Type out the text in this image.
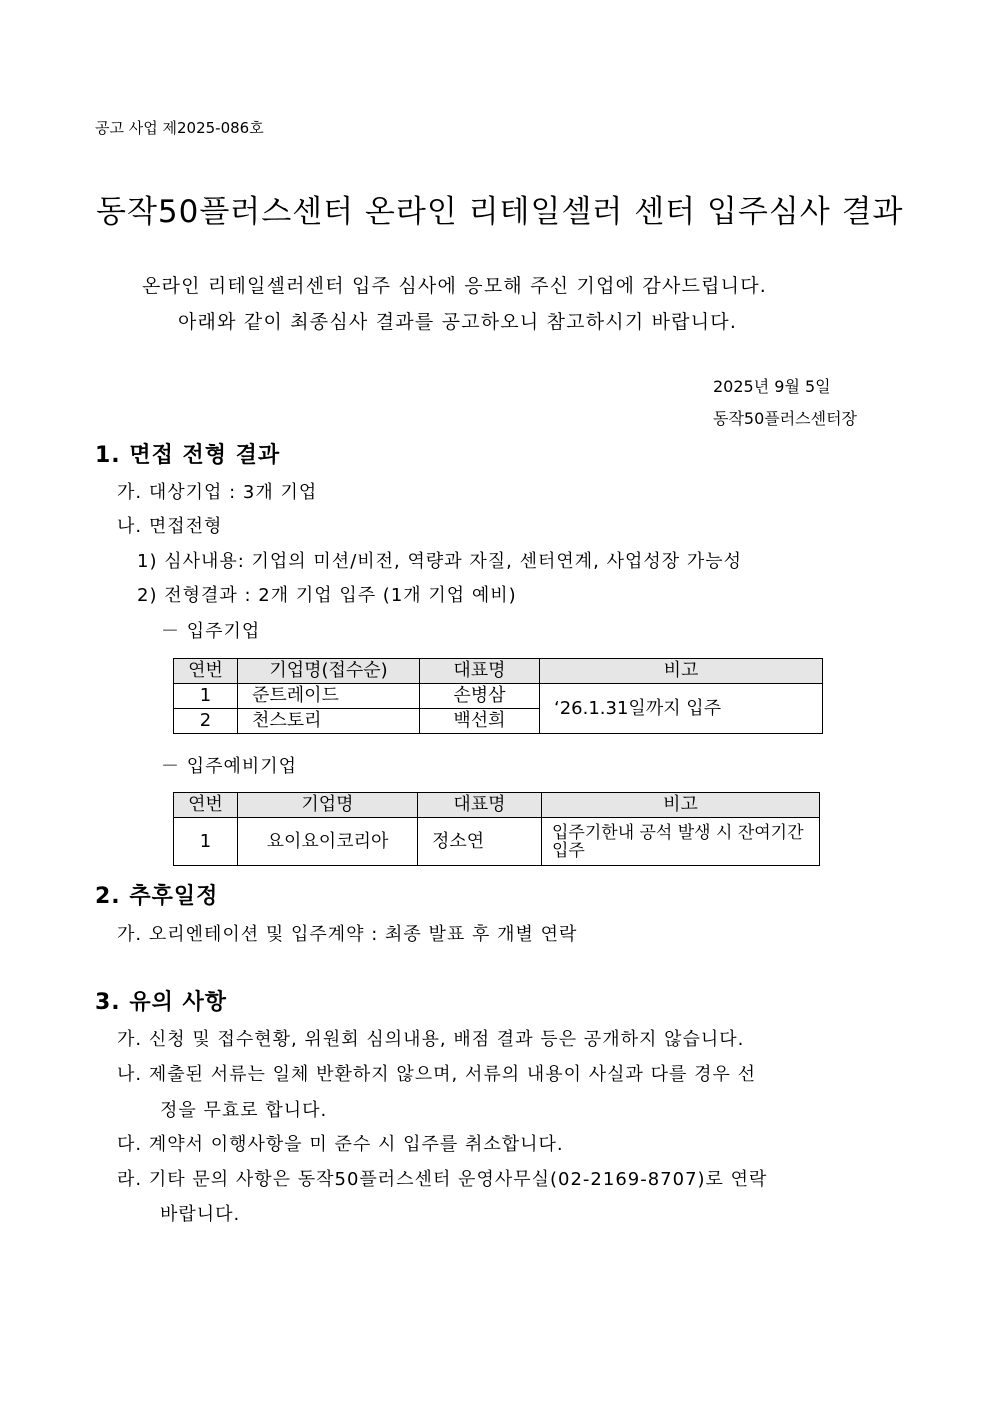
공고 사업 제2025-086호
동작50플러스센터 온라인 리테일셀러 센터 입주심사 결과
온라인 리테일셀러센터 입주 심사에 응모해 주신 기업에 감사드립니다.
아래와 같이 최종심사 결과를 공고하오니 참고하시기 바랍니다.
2025년 9월 5일
동작50플러스센터장
1. 면접 전형 결과
가. 대상기업 : 3개 기업
나. 면접전형
1) 심사내용: 기업의 미션/비전, 역량과 자질, 센터연계, 사업성장 가능성
2) 전형결과 : 2개 기업 입주 (1개 기업 예비)
－ 입주기업
연번	기업명(접수순)	대표명	비고
1	준트레이드	손병삼	‘26.1.31일까지 입주
2	천스토리	백선희	
－ 입주예비기업
연번	기업명	대표명	비고
1	요이요이코리아	정소연	입주기한내 공석 발생 시 잔여기간 입주
2. 추후일정
가. 오리엔테이션 및 입주계약 : 최종 발표 후 개별 연락
3. 유의 사항
가. 신청 및 접수현황, 위원회 심의내용, 배점 결과 등은 공개하지 않습니다.
나. 제출된 서류는 일체 반환하지 않으며, 서류의 내용이 사실과 다를 경우 선
정을 무효로 합니다.
다. 계약서 이행사항을 미 준수 시 입주를 취소합니다.
라. 기타 문의 사항은 동작50플러스센터 운영사무실(02-2169-8707)로 연락
바랍니다.
